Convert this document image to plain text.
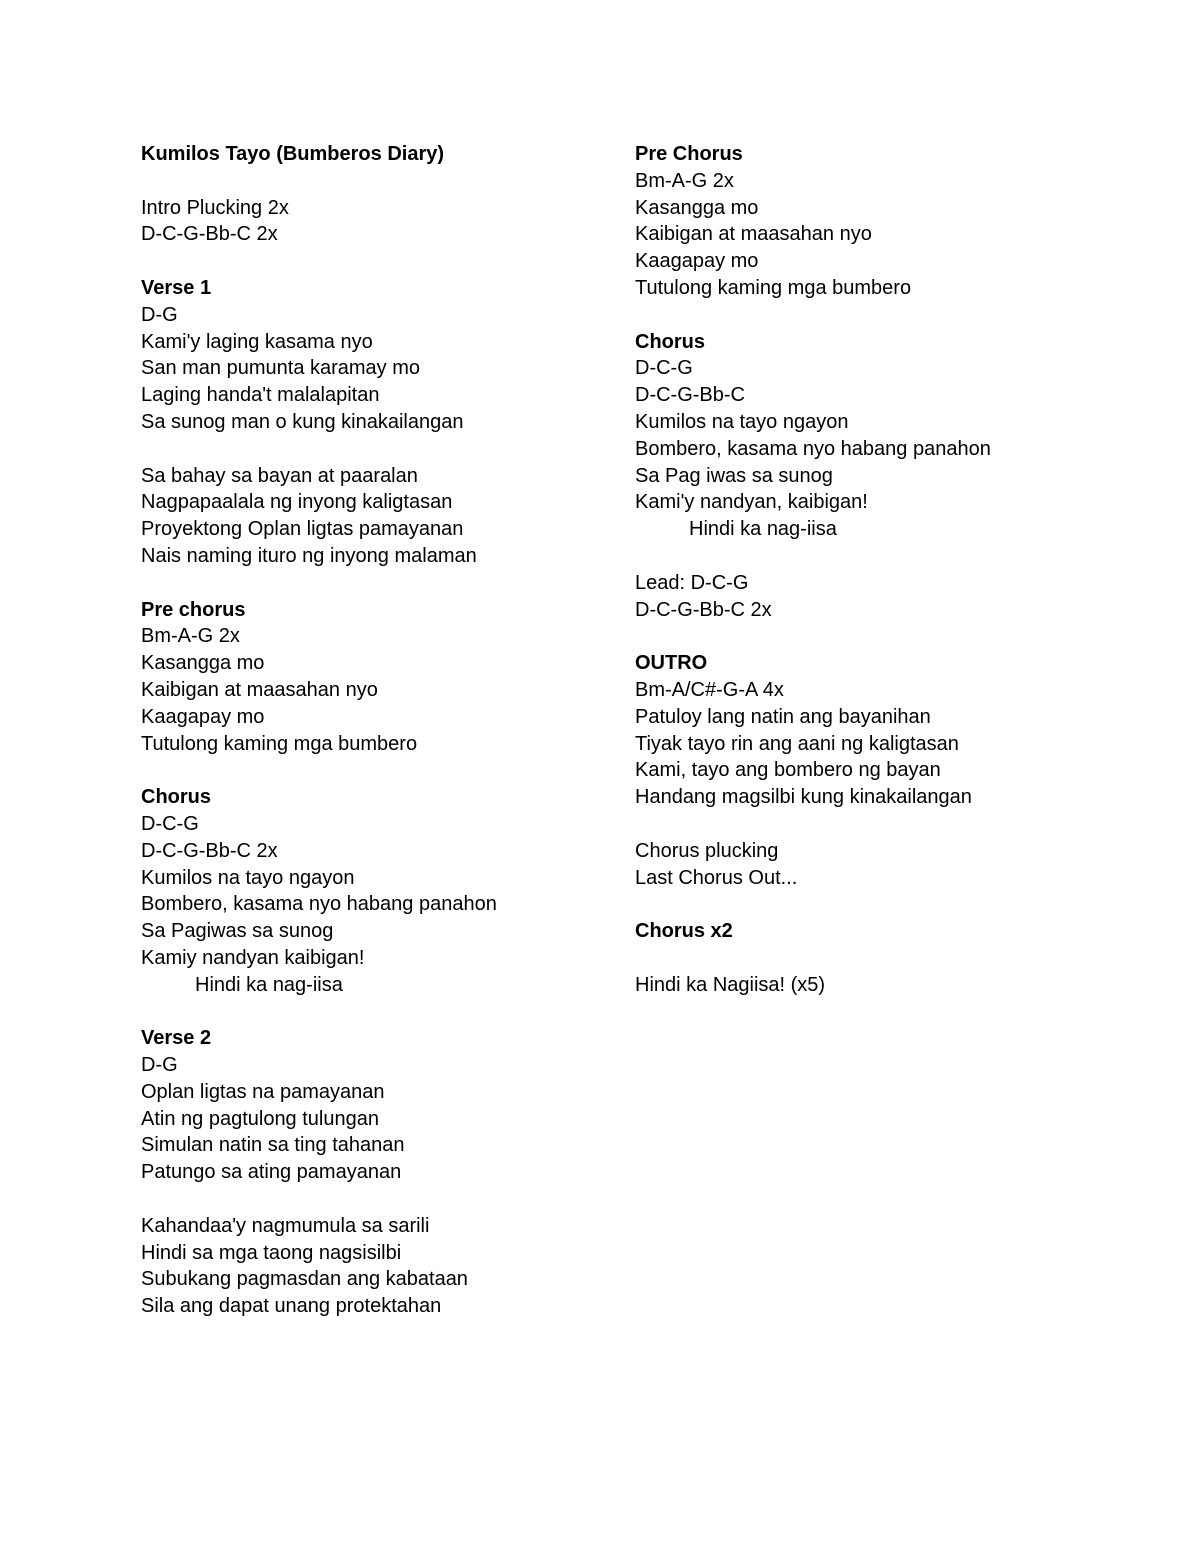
Kumilos Tayo (Bumberos Diary)
Intro Plucking 2x
D-C-G-Bb-C 2x
Verse 1
D-G
Kami'y laging kasama nyo
San man pumunta karamay mo
Laging handa't malalapitan
Sa sunog man o kung kinakailangan
Sa bahay sa bayan at paaralan
Nagpapaalala ng inyong kaligtasan
Proyektong Oplan ligtas pamayanan
Nais naming ituro ng inyong malaman
Pre chorus
Bm-A-G 2x
Kasangga mo
Kaibigan at maasahan nyo
Kaagapay mo
Tutulong kaming mga bumbero
Chorus
D-C-G
D-C-G-Bb-C 2x
Kumilos na tayo ngayon
Bombero, kasama nyo habang panahon
Sa Pagiwas sa sunog
Kamiy nandyan kaibigan!
Hindi ka nag-iisa
Verse 2
D-G
Oplan ligtas na pamayanan
Atin ng pagtulong tulungan
Simulan natin sa ting tahanan
Patungo sa ating pamayanan
Kahandaa'y nagmumula sa sarili
Hindi sa mga taong nagsisilbi
Subukang pagmasdan ang kabataan
Sila ang dapat unang protektahan
Pre Chorus
Bm-A-G 2x
Kasangga mo
Kaibigan at maasahan nyo
Kaagapay mo
Tutulong kaming mga bumbero
Chorus
D-C-G
D-C-G-Bb-C
Kumilos na tayo ngayon
Bombero, kasama nyo habang panahon
Sa Pag iwas sa sunog
Kami'y nandyan, kaibigan!
Hindi ka nag-iisa
Lead: D-C-G
D-C-G-Bb-C 2x
OUTRO
Bm-A/C#-G-A 4x
Patuloy lang natin ang bayanihan
Tiyak tayo rin ang aani ng kaligtasan
Kami, tayo ang bombero ng bayan
Handang magsilbi kung kinakailangan
Chorus plucking
Last Chorus Out...
Chorus x2
Hindi ka Nagiisa! (x5)
